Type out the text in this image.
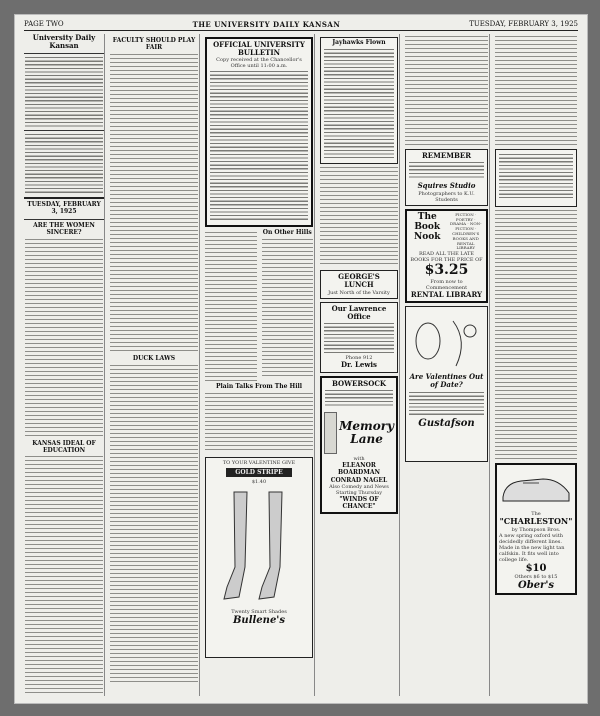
PAGE TWO	THE UNIVERSITY DAILY KANSAN	TUESDAY, FEBRUARY 3, 1925
University Daily Kansan
TUESDAY, FEBRUARY 3, 1925
ARE THE WOMEN SINCERE?
KANSAS IDEAL OF EDUCATION
FACULTY SHOULD PLAY FAIR
DUCK LAWS
OFFICIAL UNIVERSITY BULLETIN
Copy received at the Chancellor's Office until 11:00 a.m.
On Other Hills
Plain Talks From The Hill
TO YOUR VALENTINE GIVE
GOLD STRIPE
$1.40
Twenty Smart Shades
Bullene's
Jayhawks Flown
GEORGE'S LUNCH
Just North of the Varsity
Our Lawrence Office
Phone 912
Dr. Lewis
BOWERSOCK
Memory Lane
with
ELEANOR BOARDMAN
CONRAD NAGEL
Also Comedy and News
Starting Thursday
"WINDS OF CHANCE"
REMEMBER
Squires Studio
Photographers to K.U. Students
The Book Nook
FICTION · POETRY · DRAMA · NON-FICTION · CHILDREN'S BOOKS AND RENTAL LIBRARY
READ ALL THE LATE BOOKS FOR THE PRICE OF
$3.25
From now to Commencement
RENTAL LIBRARY
Are Valentines Out of Date?
Gustafson
The
"CHARLESTON"
by Thompson Bros.
A new spring oxford with decidedly different lines. Made in the new light tan calfskin. It fits well into college life.
$10
Others $6 to $15
Ober's
